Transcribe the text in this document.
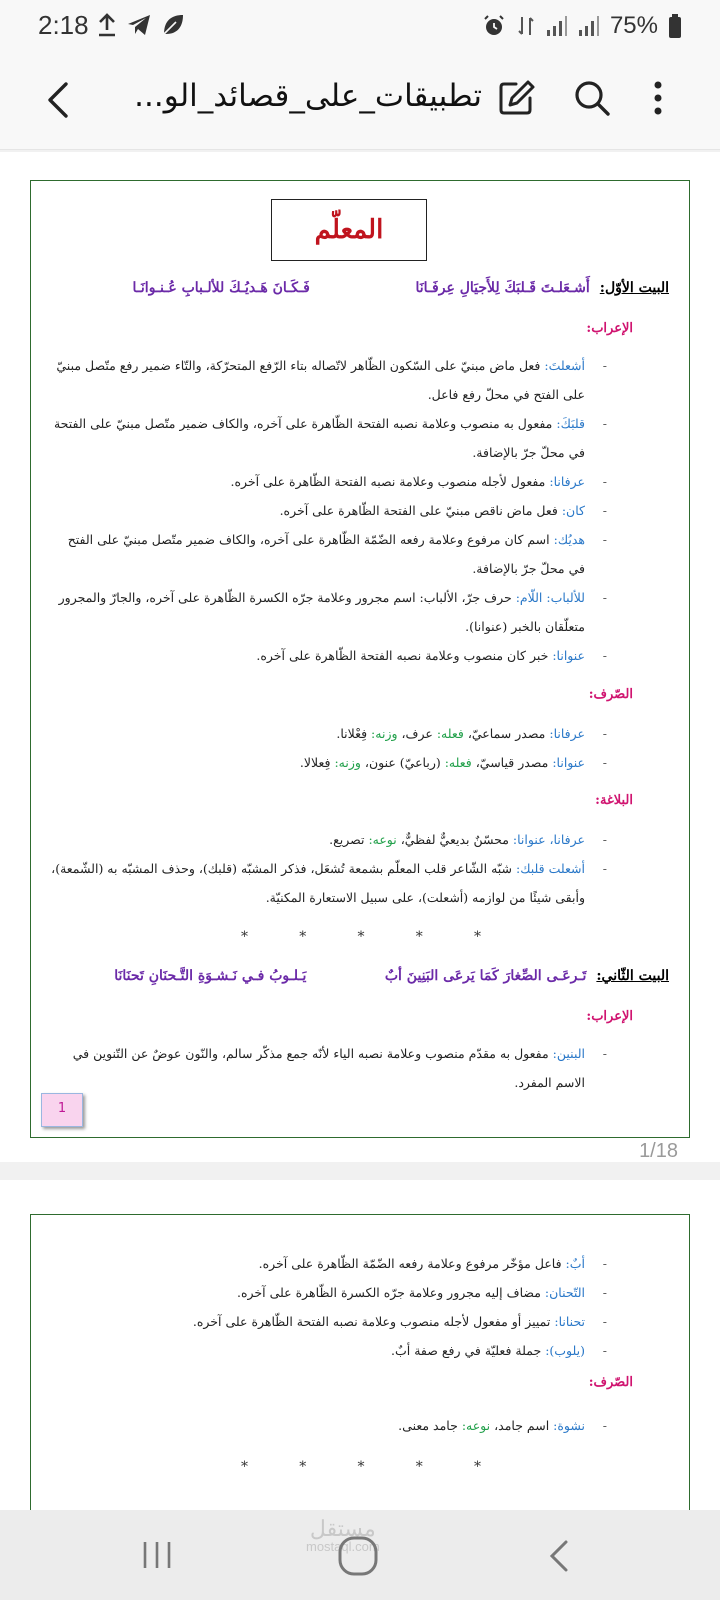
2:18	75%
تطبيقات_على_قصائد_الو...
المعلّم
البيت الأوّل:
أَشـعَلـتَ قَـلبَكَ لِلأَجيَالِ عِرفَـانَا
فَـكَـانَ هَـديُـكَ للألـبابِ عُـنـوانَـا
الإعراب:
- أشعلتَ: فعل ماض مبنيّ على السّكون الظّاهر لاتّصاله بتاء الرّفع المتحرّكة، والتّاء ضمير رفع متّصل مبنيّ على الفتح في محلّ رفع فاعل.
- قلبَكَ: مفعول به منصوب وعلامة نصبه الفتحة الظّاهرة على آخره، والكاف ضمير متّصل مبنيّ على الفتحة في محلّ جرّ بالإضافة.
- عرفانا: مفعول لأجله منصوب وعلامة نصبه الفتحة الظّاهرة على آخره.
- كان: فعل ماض ناقص مبنيّ على الفتحة الظّاهرة على آخره.
- هديُك: اسم كان مرفوع وعلامة رفعه الضّمّة الظّاهرة على آخره، والكاف ضمير متّصل مبنيّ على الفتح في محلّ جرّ بالإضافة.
- للألباب: اللّام: حرف جرّ، الألباب: اسم مجرور وعلامة جرّه الكسرة الظّاهرة على آخره، والجارّ والمجرور متعلّقان بالخبر (عنوانا).
- عنوانا: خبر كان منصوب وعلامة نصبه الفتحة الظّاهرة على آخره.
الصّرف:
- عرفانا: مصدر سماعيّ، فعله: عرف، وزنه: فِعْلانا.
- عنوانا: مصدر قياسيّ، فعله: (رباعيّ) عنون، وزنه: فِعلالا.
البلاغة:
- عرفانا، عنوانا: محسّنٌ بديعيٌّ لفظيٌّ، نوعه: تصريع.
- أشعلت قلبك: شبّه الشّاعر قلب المعلّم بشمعة تُشعَل، فذكر المشبّه (قلبك)، وحذف المشبّه به (الشّمعة)، وأبقى شيئًا من لوازمه (أشعلت)، على سبيل الاستعارة المكنيّة.
*	*	*	*	*
البيت الثّاني:
تَـرعَـى الصِّغارَ كَمَا يَرعَى البَنِينَ أبٌ
يَـلـوبُ فـي نَـشـوَةِ التَّـحنَانِ تَحنَانَا
الإعراب:
- البنين: مفعول به مقدّم منصوب وعلامة نصبه الياء لأنّه جمع مذكّر سالم، والنّون عوضٌ عن التّنوين في الاسم المفرد.
1
1/18
- أبٌ: فاعل مؤخّر مرفوع وعلامة رفعه الضّمّة الظّاهرة على آخره.
- التّحنان: مضاف إليه مجرور وعلامة جرّه الكسرة الظّاهرة على آخره.
- تحنانا: تمييز أو مفعول لأجله منصوب وعلامة نصبه الفتحة الظّاهرة على آخره.
- (يلوب): جملة فعليّة في رفع صفة أبٌ.
الصّرف:
- نشوة: اسم جامد، نوعه: جامد معنى.
*	*	*	*	*
مستقل
mostaql.com
